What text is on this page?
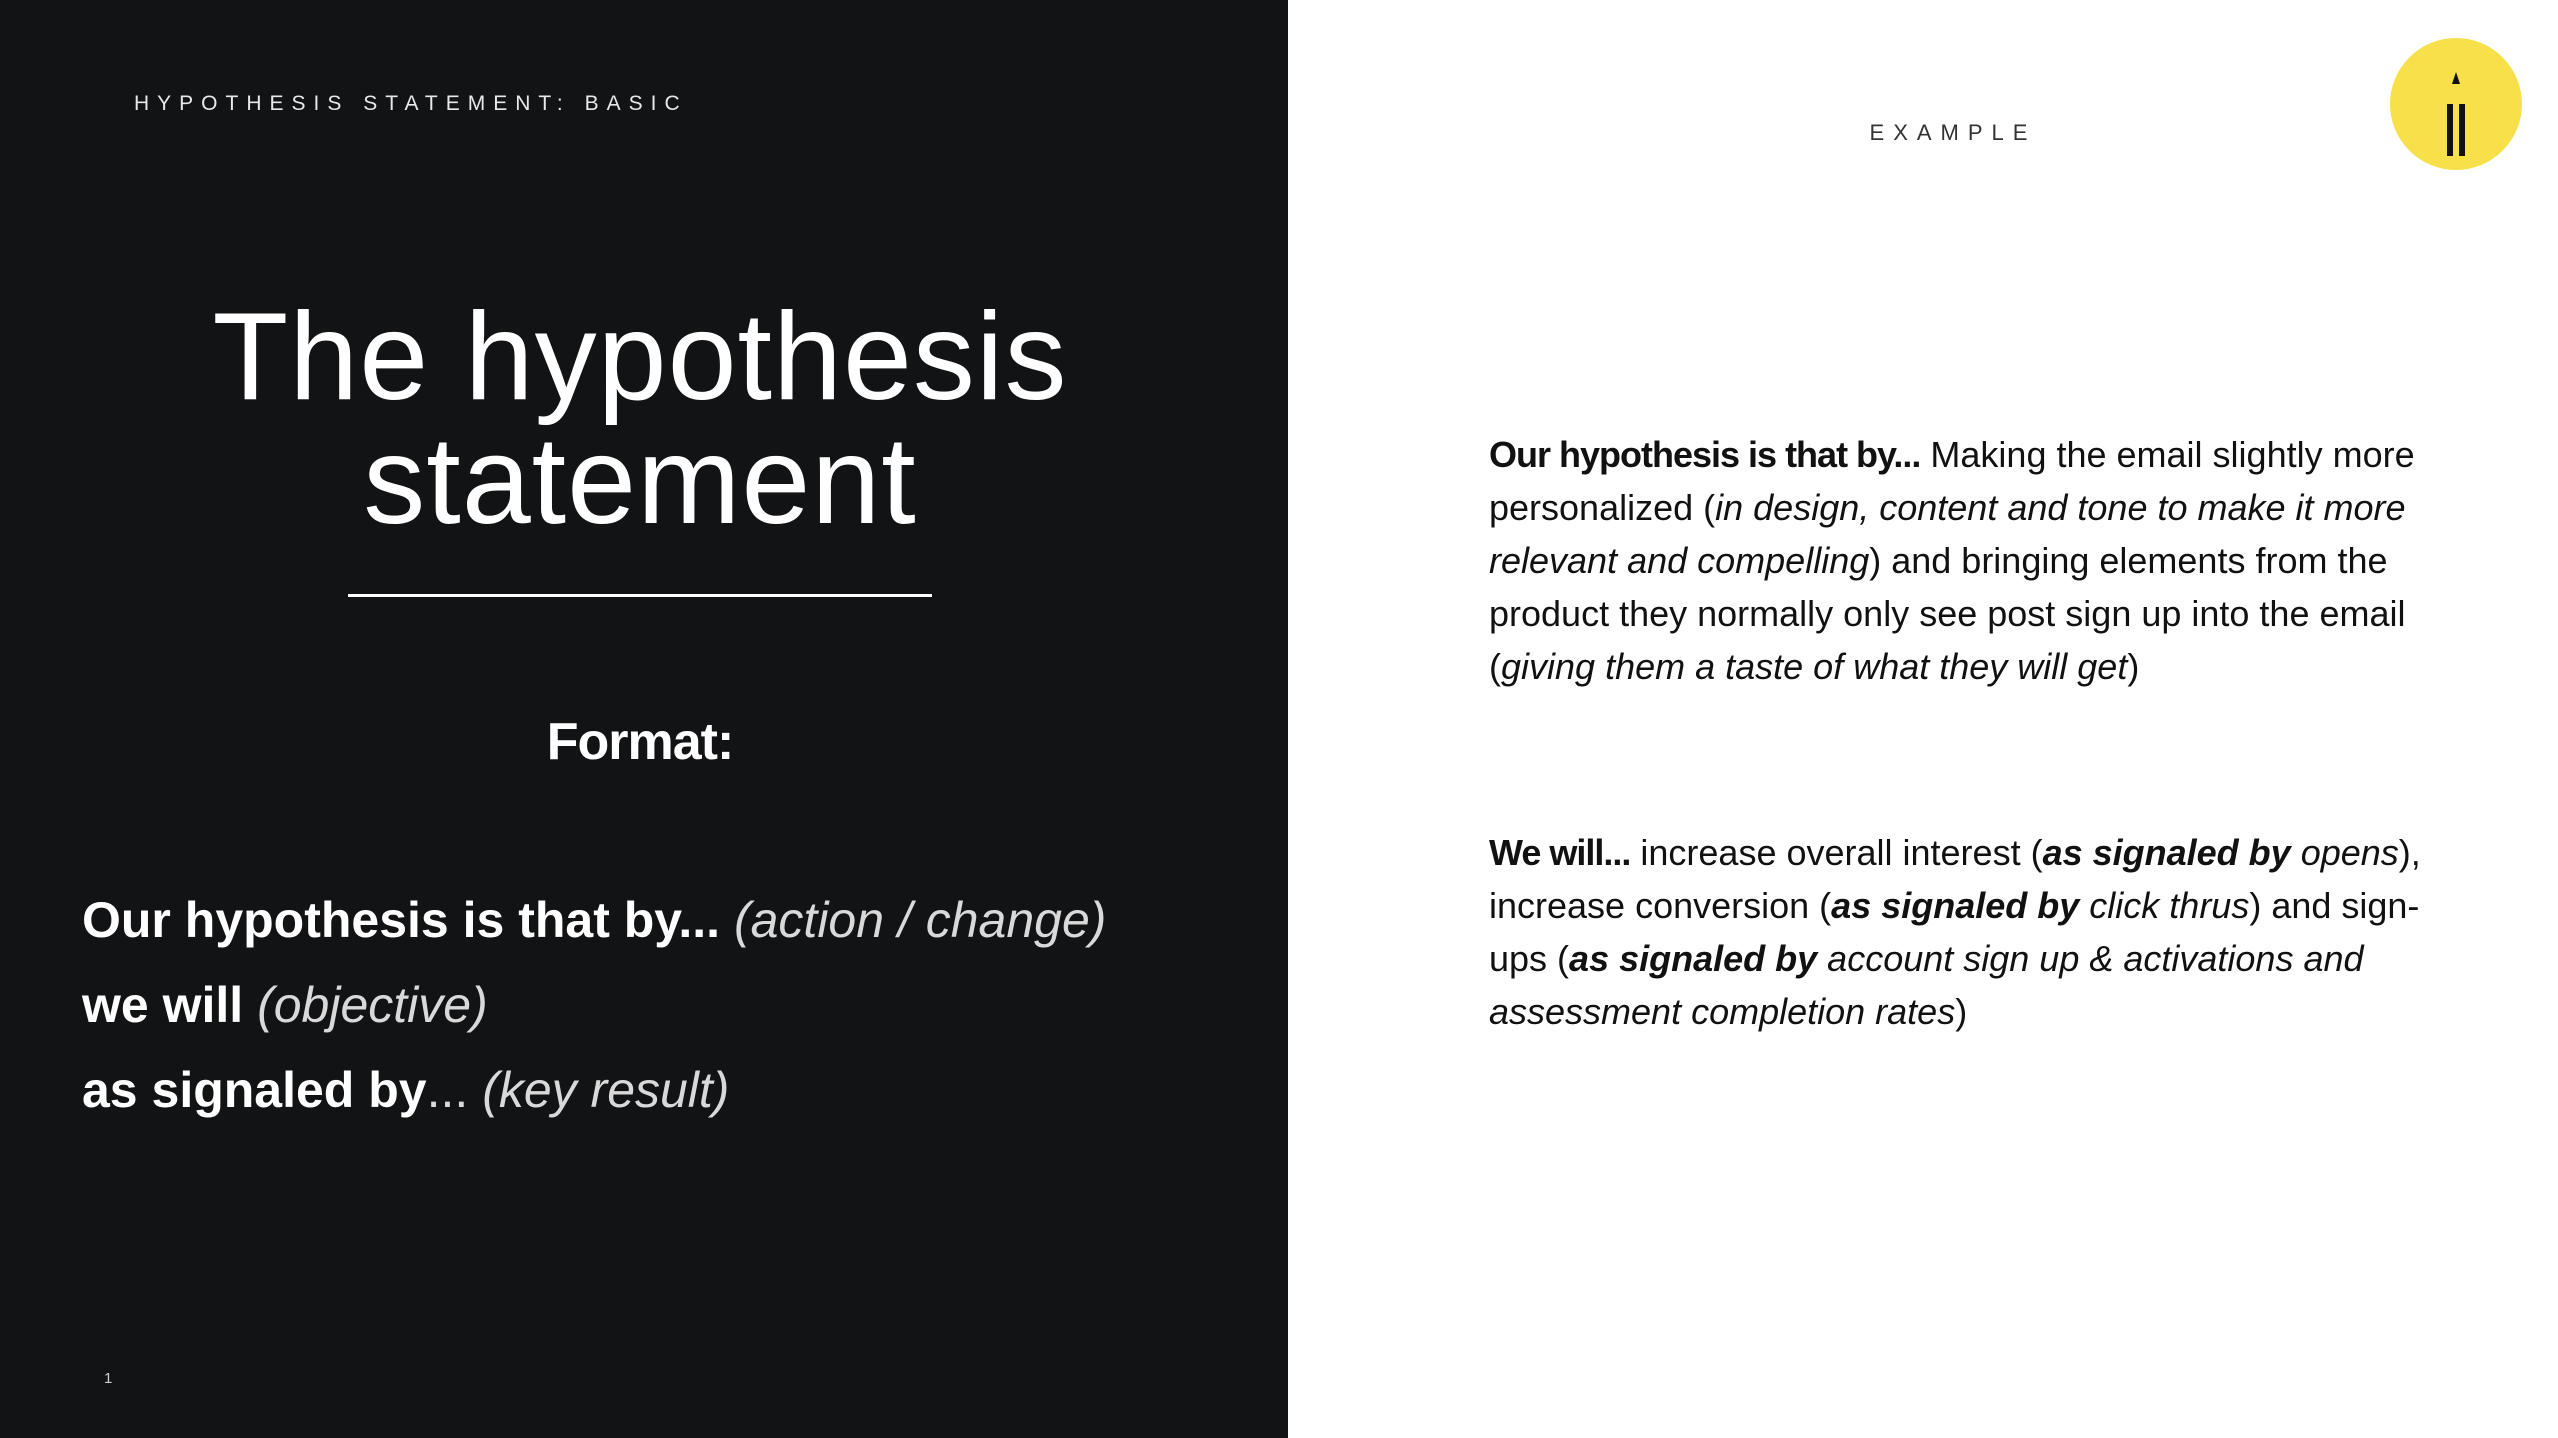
HYPOTHESIS STATEMENT: BASIC
The hypothesis
statement
Format:
Our hypothesis is that by... (action / change)
we will (objective)
as signaled by... (key result)
1
EXAMPLE
Our hypothesis is that by... Making the email slightly more personalized (in design, content and tone to make it more relevant and compelling) and bringing elements from the product they normally only see post sign up into the email (giving them a taste of what they will get)
We will... increase overall interest (as signaled by opens), increase conversion (as signaled by click thrus) and sign-ups (as signaled by account sign up & activations and assessment completion rates)
